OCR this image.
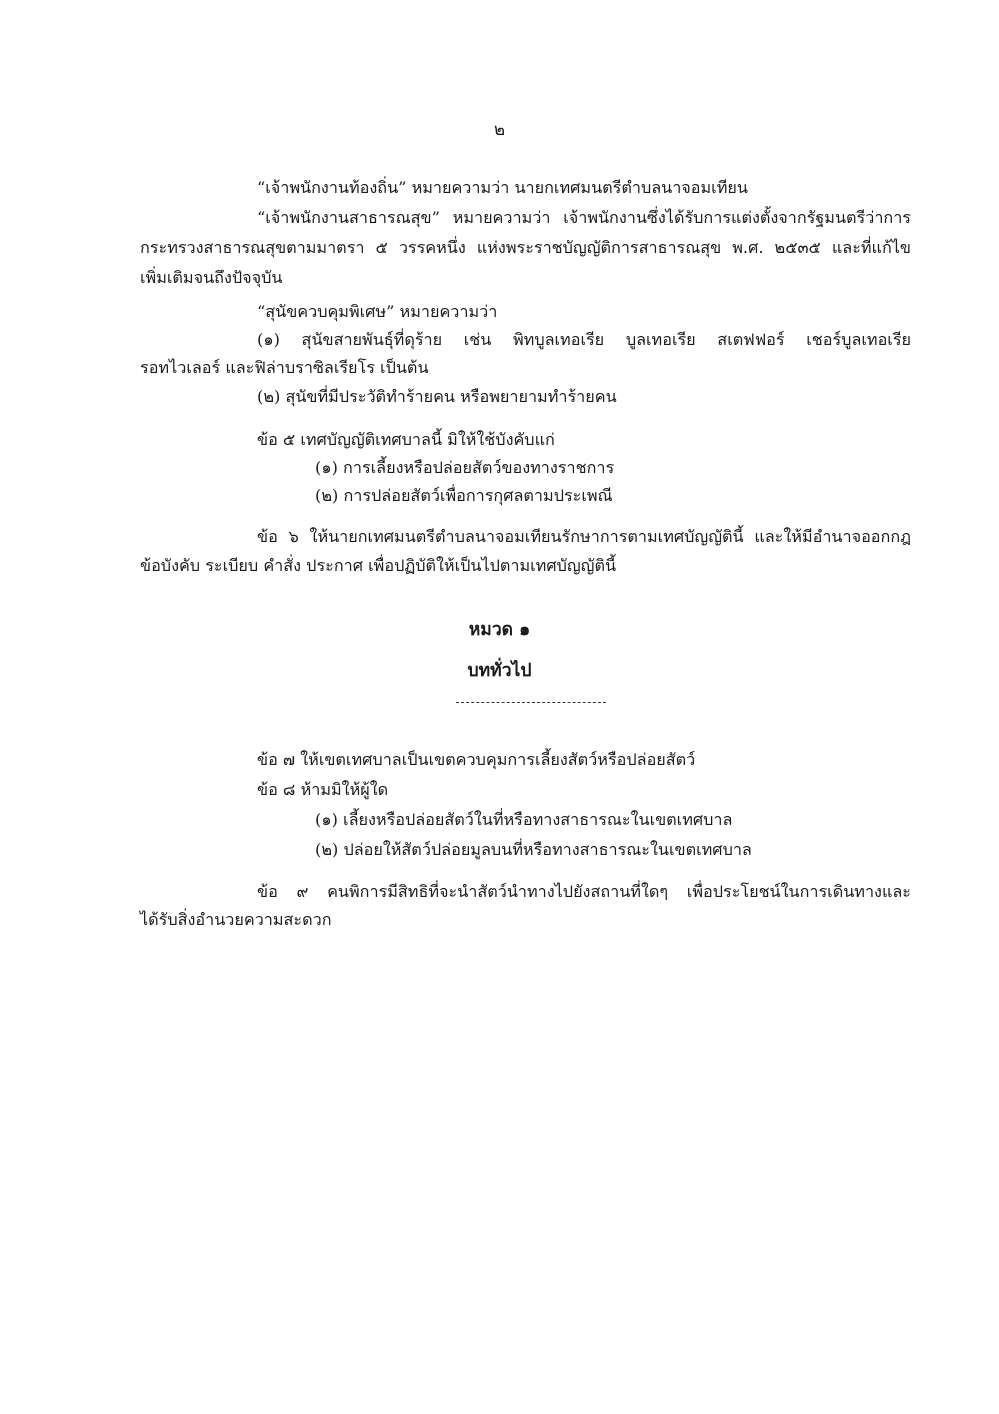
๒
“เจ้าพนักงานท้องถิ่น” หมายความว่า นายกเทศมนตรีตำบลนาจอมเทียน
“เจ้าพนักงานสาธารณสุข” หมายความว่า เจ้าพนักงานซึ่งได้รับการแต่งตั้งจากรัฐมนตรีว่าการ
กระทรวงสาธารณสุขตามมาตรา ๕ วรรคหนึ่ง แห่งพระราชบัญญัติการสาธารณสุข พ.ศ. ๒๕๓๕ และที่แก้ไข
เพิ่มเติมจนถึงปัจจุบัน
“สุนัขควบคุมพิเศษ” หมายความว่า
(๑) สุนัขสายพันธุ์ที่ดุร้าย เช่น พิทบูลเทอเรีย บูลเทอเรีย สเตฟฟอร์ เชอร์บูลเทอเรีย
รอทไวเลอร์ และฟิล่าบราซิลเรียโร เป็นต้น
(๒) สุนัขที่มีประวัติทำร้ายคน หรือพยายามทำร้ายคน
ข้อ ๕ เทศบัญญัติเทศบาลนี้ มิให้ใช้บังคับแก่
(๑) การเลี้ยงหรือปล่อยสัตว์ของทางราชการ
(๒) การปล่อยสัตว์เพื่อการกุศลตามประเพณี
ข้อ ๖ ให้นายกเทศมนตรีตำบลนาจอมเทียนรักษาการตามเทศบัญญัตินี้ และให้มีอำนาจออกกฎ
ข้อบังคับ ระเบียบ คำสั่ง ประกาศ เพื่อปฏิบัติให้เป็นไปตามเทศบัญญัตินี้
หมวด ๑
บททั่วไป
ข้อ ๗ ให้เขตเทศบาลเป็นเขตควบคุมการเลี้ยงสัตว์หรือปล่อยสัตว์
ข้อ ๘ ห้ามมิให้ผู้ใด
(๑) เลี้ยงหรือปล่อยสัตว์ในที่หรือทางสาธารณะในเขตเทศบาล
(๒) ปล่อยให้สัตว์ปล่อยมูลบนที่หรือทางสาธารณะในเขตเทศบาล
ข้อ ๙ คนพิการมีสิทธิที่จะนำสัตว์นำทางไปยังสถานที่ใดๆ เพื่อประโยชน์ในการเดินทางและ
ได้รับสิ่งอำนวยความสะดวก
